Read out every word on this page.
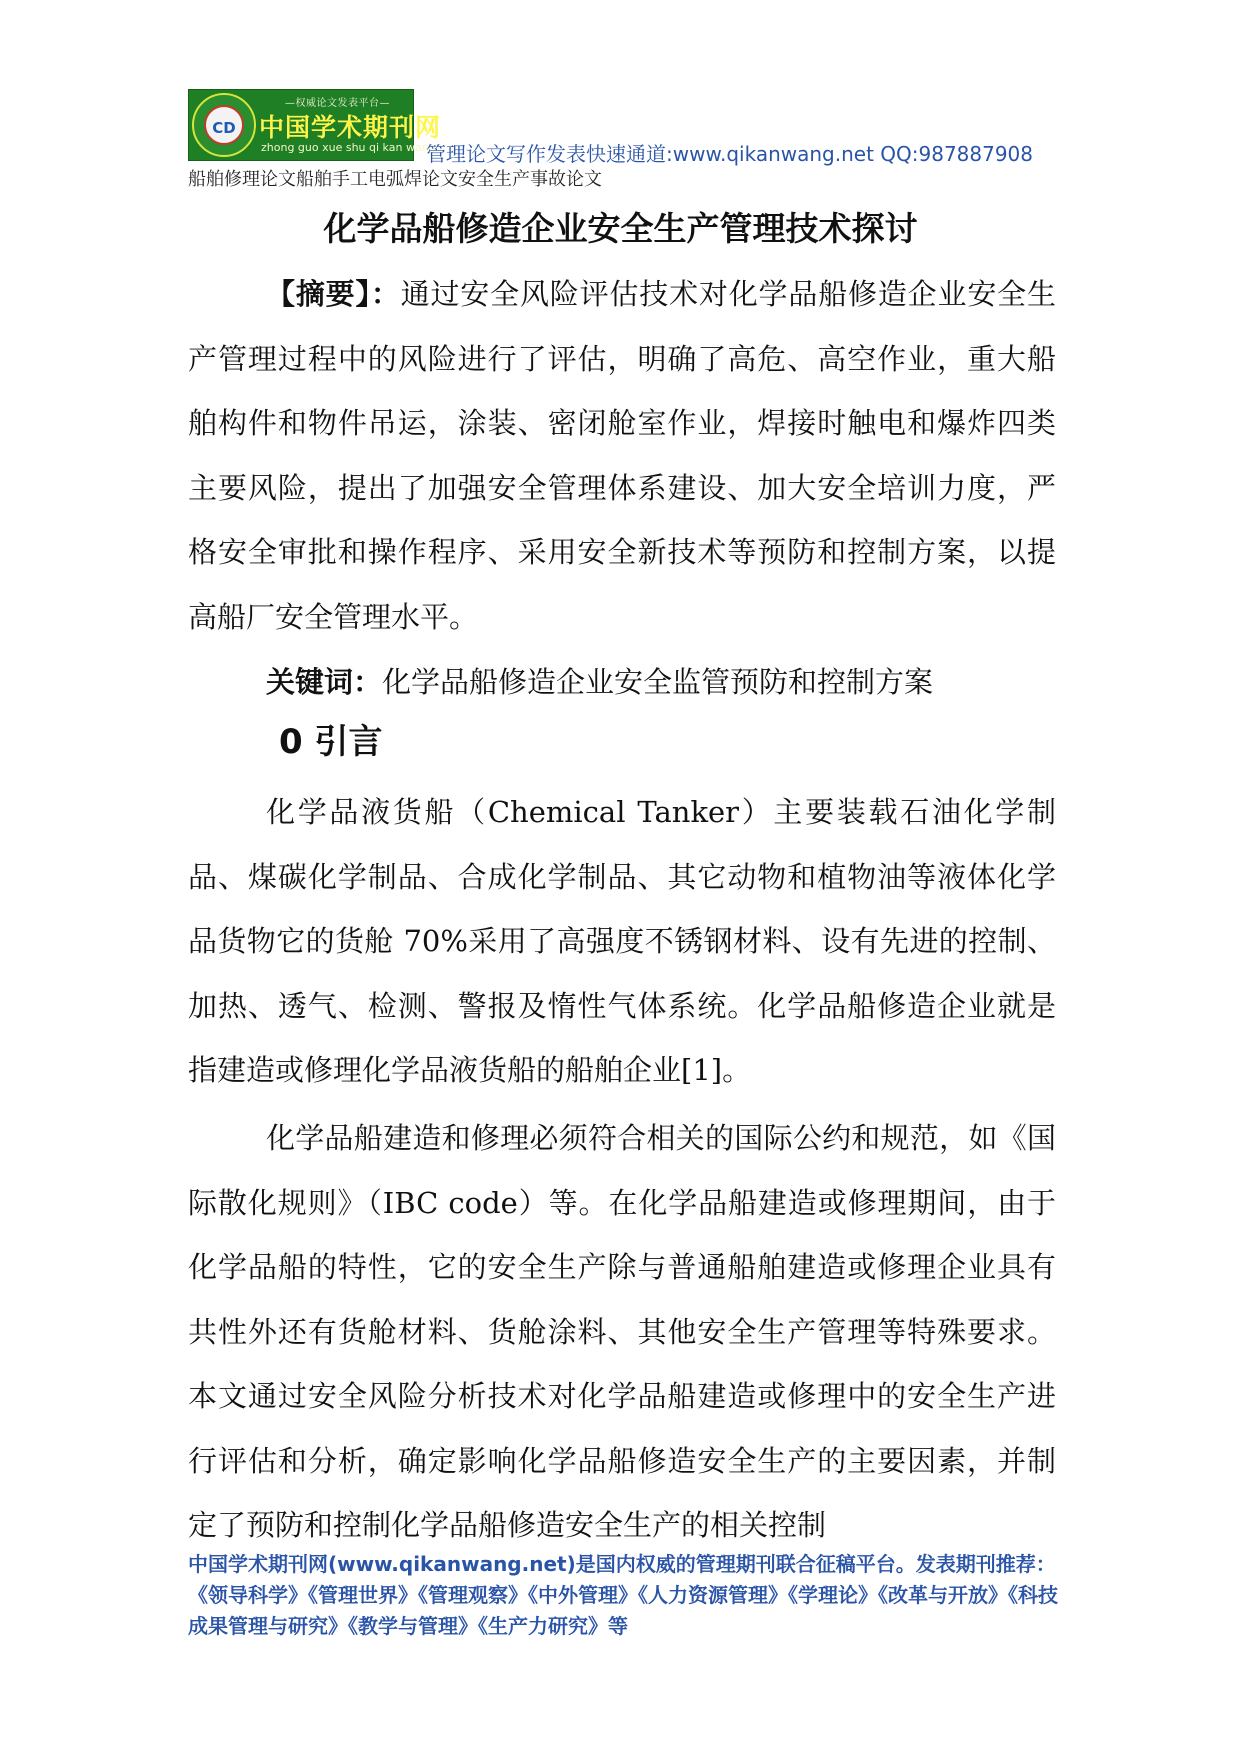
CD
—权威论文发表平台—
中国学术期刊网
zhong guo xue shu qi kan wang
管理论文写作发表快速通道:www.qikanwang.net QQ:987887908
船舶修理论文船舶手工电弧焊论文安全生产事故论文
化学品船修造企业安全生产管理技术探讨

【摘要】：通过安全风险评估技术对化学品船修造企业安全生产管理过程中的风险进行了评估，明确了高危、高空作业，重大船舶构件和物件吊运，涂装、密闭舱室作业，焊接时触电和爆炸四类主要风险，提出了加强安全管理体系建设、加大安全培训力度，严格安全审批和操作程序、采用安全新技术等预防和控制方案，以提高船厂安全管理水平。

关键词：化学品船修造企业安全监管预防和控制方案

0 引言

化学品液货船（Chemical Tanker）主要装载石油化学制品、煤碳化学制品、合成化学制品、其它动物和植物油等液体化学品货物它的货舱 70%采用了高强度不锈钢材料、设有先进的控制、加热、透气、检测、警报及惰性气体系统。化学品船修造企业就是指建造或修理化学品液货船的船舶企业[1]。

化学品船建造和修理必须符合相关的国际公约和规范，如《国际散化规则》（IBC code）等。在化学品船建造或修理期间，由于化学品船的特性，它的安全生产除与普通船舶建造或修理企业具有共性外还有货舱材料、货舱涂料、其他安全生产管理等特殊要求。本文通过安全风险分析技术对化学品船建造或修理中的安全生产进行评估和分析，确定影响化学品船修造安全生产的主要因素，并制定了预防和控制化学品船修造安全生产的相关控制

中国学术期刊网(www.qikanwang.net)是国内权威的管理期刊联合征稿平台。发表期刊推荐：《领导科学》《管理世界》《管理观察》《中外管理》《人力资源管理》《学理论》《改革与开放》《科技成果管理与研究》《教学与管理》《生产力研究》等
